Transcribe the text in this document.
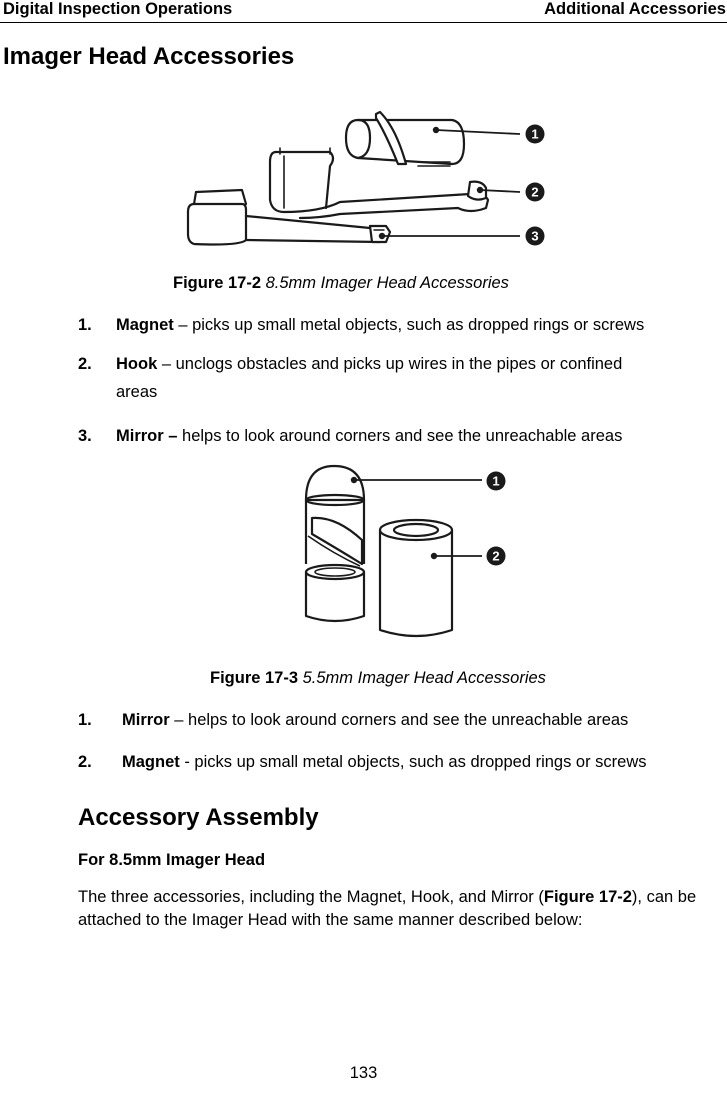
Digital Inspection Operations	Additional Accessories
Imager Head Accessories
1
2
3
Figure 17-2 8.5mm Imager Head Accessories
1. Magnet – picks up small metal objects, such as dropped rings or screws
2. Hook – unclogs obstacles and picks up wires in the pipes or confined
areas
3. Mirror – helps to look around corners and see the unreachable areas
1
2
Figure 17-3 5.5mm Imager Head Accessories
1. Mirror – helps to look around corners and see the unreachable areas
2. Magnet - picks up small metal objects, such as dropped rings or screws
Accessory Assembly
For 8.5mm Imager Head

The three accessories, including the Magnet, Hook, and Mirror (Figure 17-2), can be attached to the Imager Head with the same manner described below:

133
